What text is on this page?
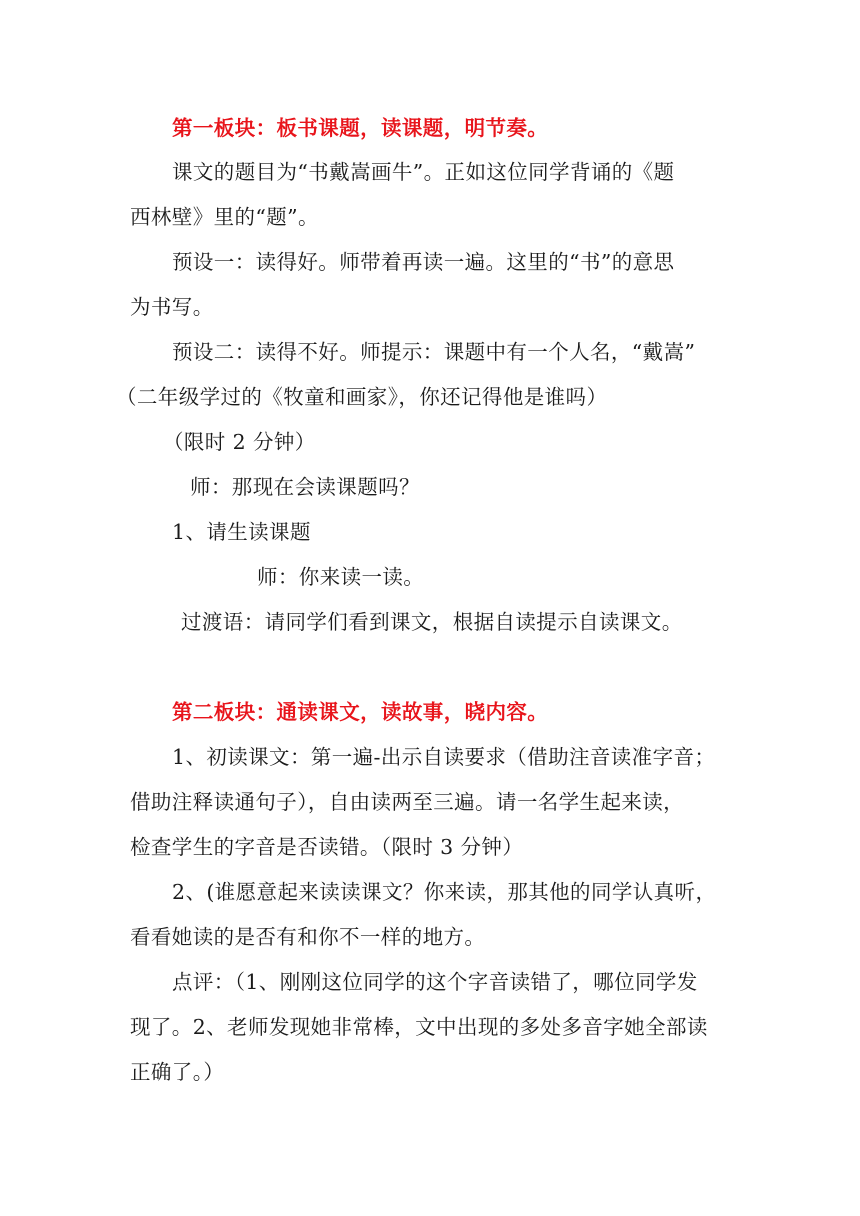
第一板块：板书课题，读课题，明节奏。
课文的题目为“书戴嵩画牛”。正如这位同学背诵的《题
西林壁》里的“题”。
预设一：读得好。师带着再读一遍。这里的“书”的意思
为书写。
预设二：读得不好。师提示：课题中有一个人名，“戴嵩”
（二年级学过的《牧童和画家》，你还记得他是谁吗）
（限时 2 分钟）
师：那现在会读课题吗？
1、请生读课题
师：你来读一读。
过渡语：请同学们看到课文，根据自读提示自读课文。
第二板块：通读课文，读故事，晓内容。
1、初读课文：第一遍-出示自读要求（借助注音读准字音；
借助注释读通句子），自由读两至三遍。请一名学生起来读，
检查学生的字音是否读错。（限时 3 分钟）
2、(谁愿意起来读读课文？你来读，那其他的同学认真听，
看看她读的是否有和你不一样的地方。
点评：（1、刚刚这位同学的这个字音读错了，哪位同学发
现了。2、老师发现她非常棒，文中出现的多处多音字她全部读
正确了。）
